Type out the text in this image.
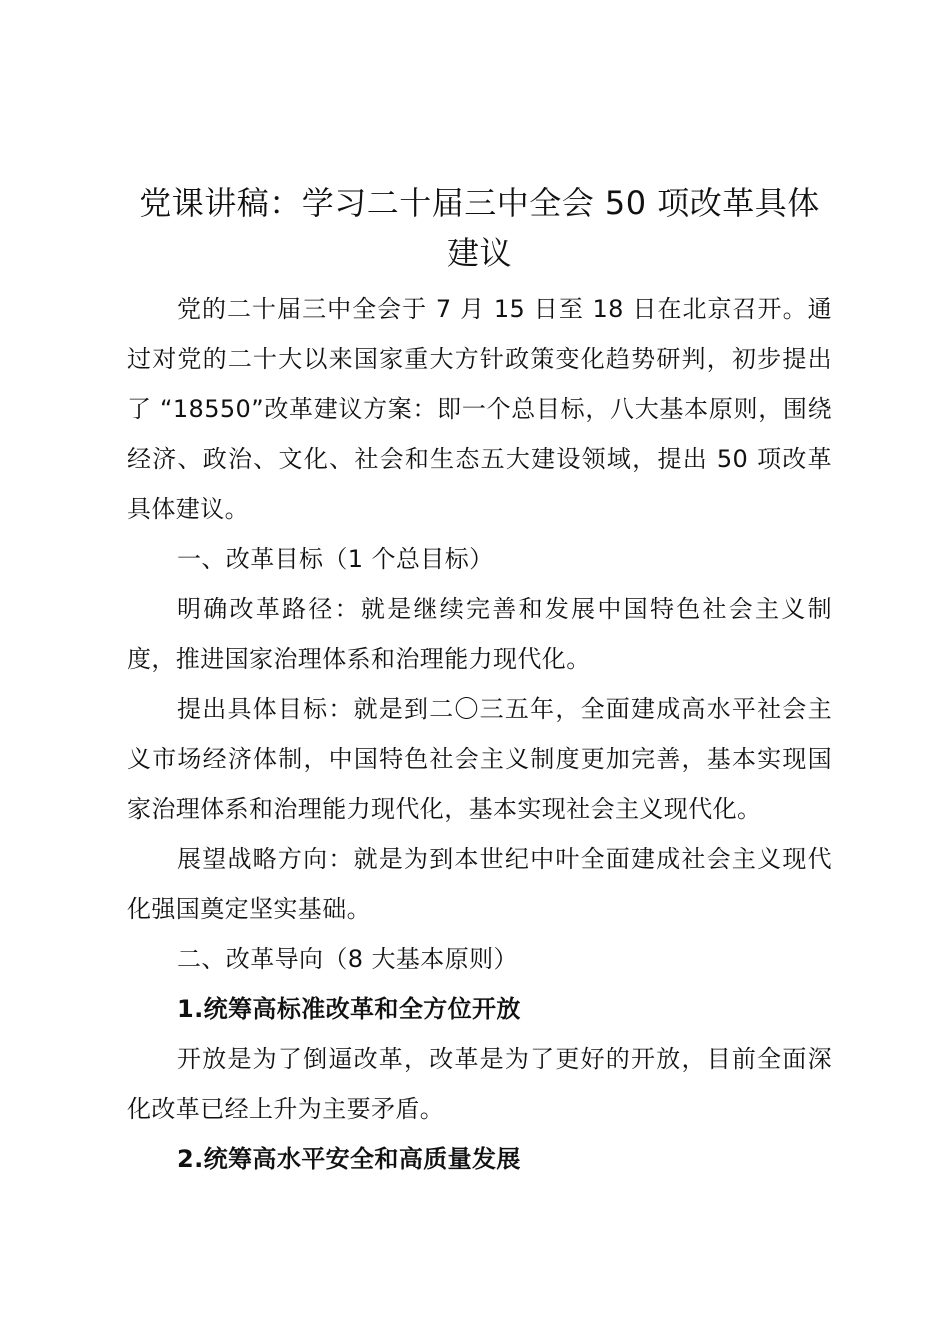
党课讲稿：学习二十届三中全会 50 项改革具体建议

党的二十届三中全会于 7 月 15 日至 18 日在北京召开。通过对党的二十大以来国家重大方针政策变化趋势研判，初步提出了 “18550”改革建议方案：即一个总目标，八大基本原则，围绕经济、政治、文化、社会和生态五大建设领域，提出 50 项改革具体建议。

一、改革目标（1 个总目标）

明确改革路径：就是继续完善和发展中国特色社会主义制度，推进国家治理体系和治理能力现代化。

提出具体目标：就是到二〇三五年，全面建成高水平社会主义市场经济体制，中国特色社会主义制度更加完善，基本实现国家治理体系和治理能力现代化，基本实现社会主义现代化。

展望战略方向：就是为到本世纪中叶全面建成社会主义现代化强国奠定坚实基础。

二、改革导向（8 大基本原则）

1.统筹高标准改革和全方位开放

开放是为了倒逼改革，改革是为了更好的开放，目前全面深化改革已经上升为主要矛盾。

2.统筹高水平安全和高质量发展
